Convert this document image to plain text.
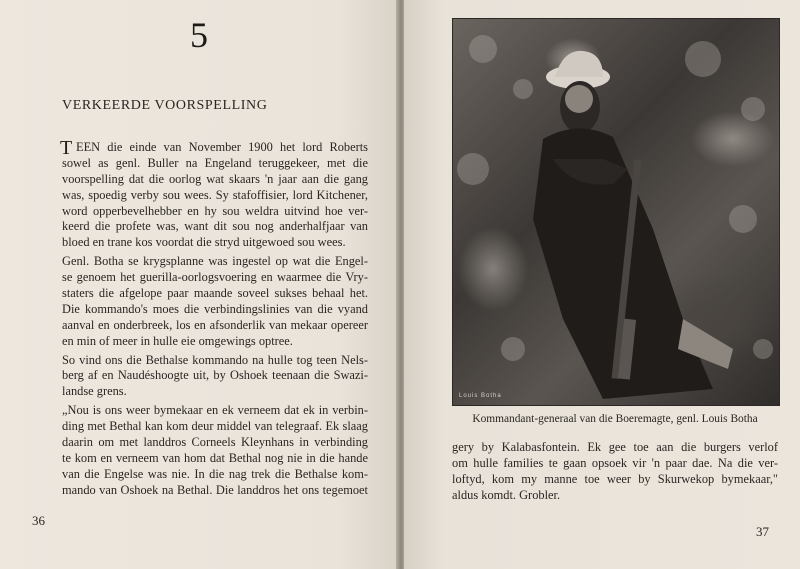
5
VERKEERDE VOORSPELLING
T EEN die einde van November 1900 het lord Roberts
sowel as genl. Buller na Engeland teruggekeer, met die
voorspelling dat die oorlog wat skaars 'n jaar aan die gang
was, spoedig verby sou wees. Sy stafoffisier, lord Kitchener,
word opperbevelhebber en hy sou weldra uitvind hoe ver-
keerd die profete was, want dit sou nog anderhalfjaar van
bloed en trane kos voordat die stryd uitgewoed sou wees.
Genl. Botha se krygsplanne was ingestel op wat die Engel-
se genoem het guerilla-oorlogsvoering en waarmee die Vry-
staters die afgelope paar maande soveel sukses behaal het.
Die kommando's moes die verbindingslinies van die vyand
aanval en onderbreek, los en afsonderlik van mekaar opereer
en min of meer in hulle eie omgewings optree.
So vind ons die Bethalse kommando na hulle tog teen Nels-
berg af en Naudéshoogte uit, by Oshoek teenaan die Swazi-
landse grens.
„Nou is ons weer bymekaar en ek verneem dat ek in verbin-
ding met Bethal kan kom deur middel van telegraaf. Ek slaag
daarin om met landdros Corneels Kleynhans in verbinding
te kom en verneem van hom dat Bethal nog nie in die hande
van die Engelse was nie. In die nag trek die Bethalse kom-
mando van Oshoek na Bethal. Die landdros het ons tegemoet
36
Louis Botha
Kommandant-generaal van die Boeremagte, genl. Louis Botha
gery by Kalabasfontein. Ek gee toe aan die burgers verlof
om hulle families te gaan opsoek vir 'n paar dae. Na die ver-
loftyd, kom my manne toe weer by Skurwekop bymekaar,"
aldus komdt. Grobler.
37
